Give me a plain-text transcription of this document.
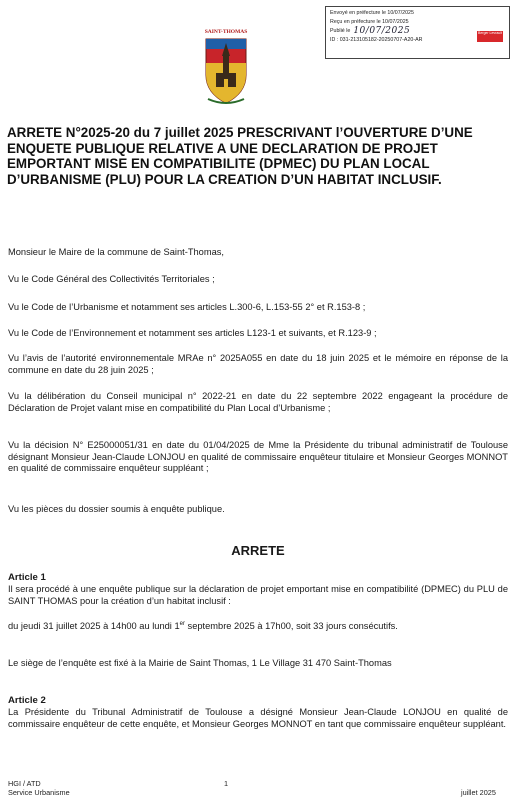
Envoyé en préfecture le 10/07/2025
Reçu en préfecture le 10/07/2025
Publié le 10/07/2025
ID : 031-213105182-20250707-A20-AR
Berger Levrault
SAINT-THOMAS
ARRETE N°2025-20 du 7 juillet 2025 PRESCRIVANT l’OUVERTURE D’UNE ENQUETE PUBLIQUE RELATIVE A UNE DECLARATION DE PROJET EMPORTANT MISE EN COMPATIBILITE (DPMEC) DU PLAN LOCAL D’URBANISME (PLU) POUR LA CREATION D’UN HABITAT INCLUSIF.
Monsieur le Maire de la commune de Saint-Thomas,
Vu le Code Général des Collectivités Territoriales ;
Vu le Code de l’Urbanisme et notamment ses articles L.300-6, L.153-55 2° et R.153-8 ;
Vu le Code de l’Environnement et notamment ses articles L123-1 et suivants, et R.123-9 ;
Vu l’avis de l’autorité environnementale MRAe n° 2025A055 en date du 18 juin 2025 et le mémoire en réponse de la commune en date du 28 juin 2025 ;
Vu la délibération du Conseil municipal n° 2022-21 en date du 22 septembre 2022 engageant la procédure de Déclaration de Projet valant mise en compatibilité du Plan Local d’Urbanisme ;
Vu la décision N° E25000051/31 en date du 01/04/2025 de Mme la Présidente du tribunal administratif de Toulouse désignant Monsieur Jean-Claude LONJOU en qualité de commissaire enquêteur titulaire et Monsieur Georges MONNOT en qualité de commissaire enquêteur suppléant ;
Vu les pièces du dossier soumis à enquête publique.
ARRETE
Article 1
Il sera procédé à une enquête publique sur la déclaration de projet emportant mise en compatibilité (DPMEC) du PLU de SAINT THOMAS pour la création d’un habitat inclusif :
du jeudi 31 juillet 2025 à 14h00 au lundi 1er septembre 2025 à 17h00, soit 33 jours consécutifs.
Le siège de l’enquête est fixé à la Mairie de Saint Thomas, 1 Le Village 31 470 Saint-Thomas
Article 2
La Présidente du Tribunal Administratif de Toulouse a désigné Monsieur Jean-Claude LONJOU en qualité de commissaire enquêteur de cette enquête, et Monsieur Georges MONNOT en tant que commissaire enquêteur suppléant.
HGI / ATD
Service Urbanisme
1
juillet 2025
